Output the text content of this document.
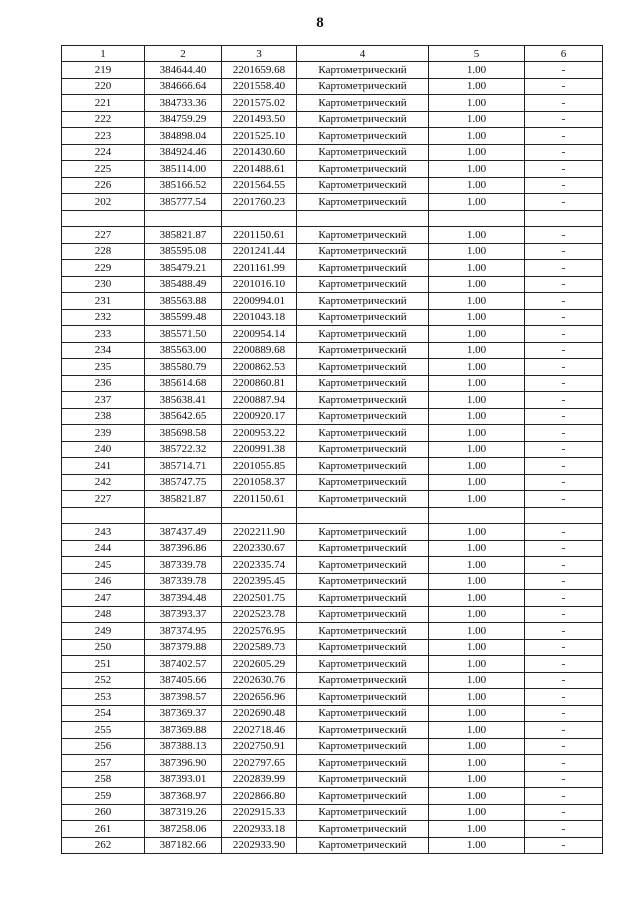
8
1	2	3	4	5	6
219	384644.40	2201659.68	Картометрический	1.00	-
220	384666.64	2201558.40	Картометрический	1.00	-
221	384733.36	2201575.02	Картометрический	1.00	-
222	384759.29	2201493.50	Картометрический	1.00	-
223	384898.04	2201525.10	Картометрический	1.00	-
224	384924.46	2201430.60	Картометрический	1.00	-
225	385114.00	2201488.61	Картометрический	1.00	-
226	385166.52	2201564.55	Картометрический	1.00	-
202	385777.54	2201760.23	Картометрический	1.00	-

227	385821.87	2201150.61	Картометрический	1.00	-
228	385595.08	2201241.44	Картометрический	1.00	-
229	385479.21	2201161.99	Картометрический	1.00	-
230	385488.49	2201016.10	Картометрический	1.00	-
231	385563.88	2200994.01	Картометрический	1.00	-
232	385599.48	2201043.18	Картометрический	1.00	-
233	385571.50	2200954.14	Картометрический	1.00	-
234	385563.00	2200889.68	Картометрический	1.00	-
235	385580.79	2200862.53	Картометрический	1.00	-
236	385614.68	2200860.81	Картометрический	1.00	-
237	385638.41	2200887.94	Картометрический	1.00	-
238	385642.65	2200920.17	Картометрический	1.00	-
239	385698.58	2200953.22	Картометрический	1.00	-
240	385722.32	2200991.38	Картометрический	1.00	-
241	385714.71	2201055.85	Картометрический	1.00	-
242	385747.75	2201058.37	Картометрический	1.00	-
227	385821.87	2201150.61	Картометрический	1.00	-

243	387437.49	2202211.90	Картометрический	1.00	-
244	387396.86	2202330.67	Картометрический	1.00	-
245	387339.78	2202335.74	Картометрический	1.00	-
246	387339.78	2202395.45	Картометрический	1.00	-
247	387394.48	2202501.75	Картометрический	1.00	-
248	387393.37	2202523.78	Картометрический	1.00	-
249	387374.95	2202576.95	Картометрический	1.00	-
250	387379.88	2202589.73	Картометрический	1.00	-
251	387402.57	2202605.29	Картометрический	1.00	-
252	387405.66	2202630.76	Картометрический	1.00	-
253	387398.57	2202656.96	Картометрический	1.00	-
254	387369.37	2202690.48	Картометрический	1.00	-
255	387369.88	2202718.46	Картометрический	1.00	-
256	387388.13	2202750.91	Картометрический	1.00	-
257	387396.90	2202797.65	Картометрический	1.00	-
258	387393.01	2202839.99	Картометрический	1.00	-
259	387368.97	2202866.80	Картометрический	1.00	-
260	387319.26	2202915.33	Картометрический	1.00	-
261	387258.06	2202933.18	Картометрический	1.00	-
262	387182.66	2202933.90	Картометрический	1.00	-
